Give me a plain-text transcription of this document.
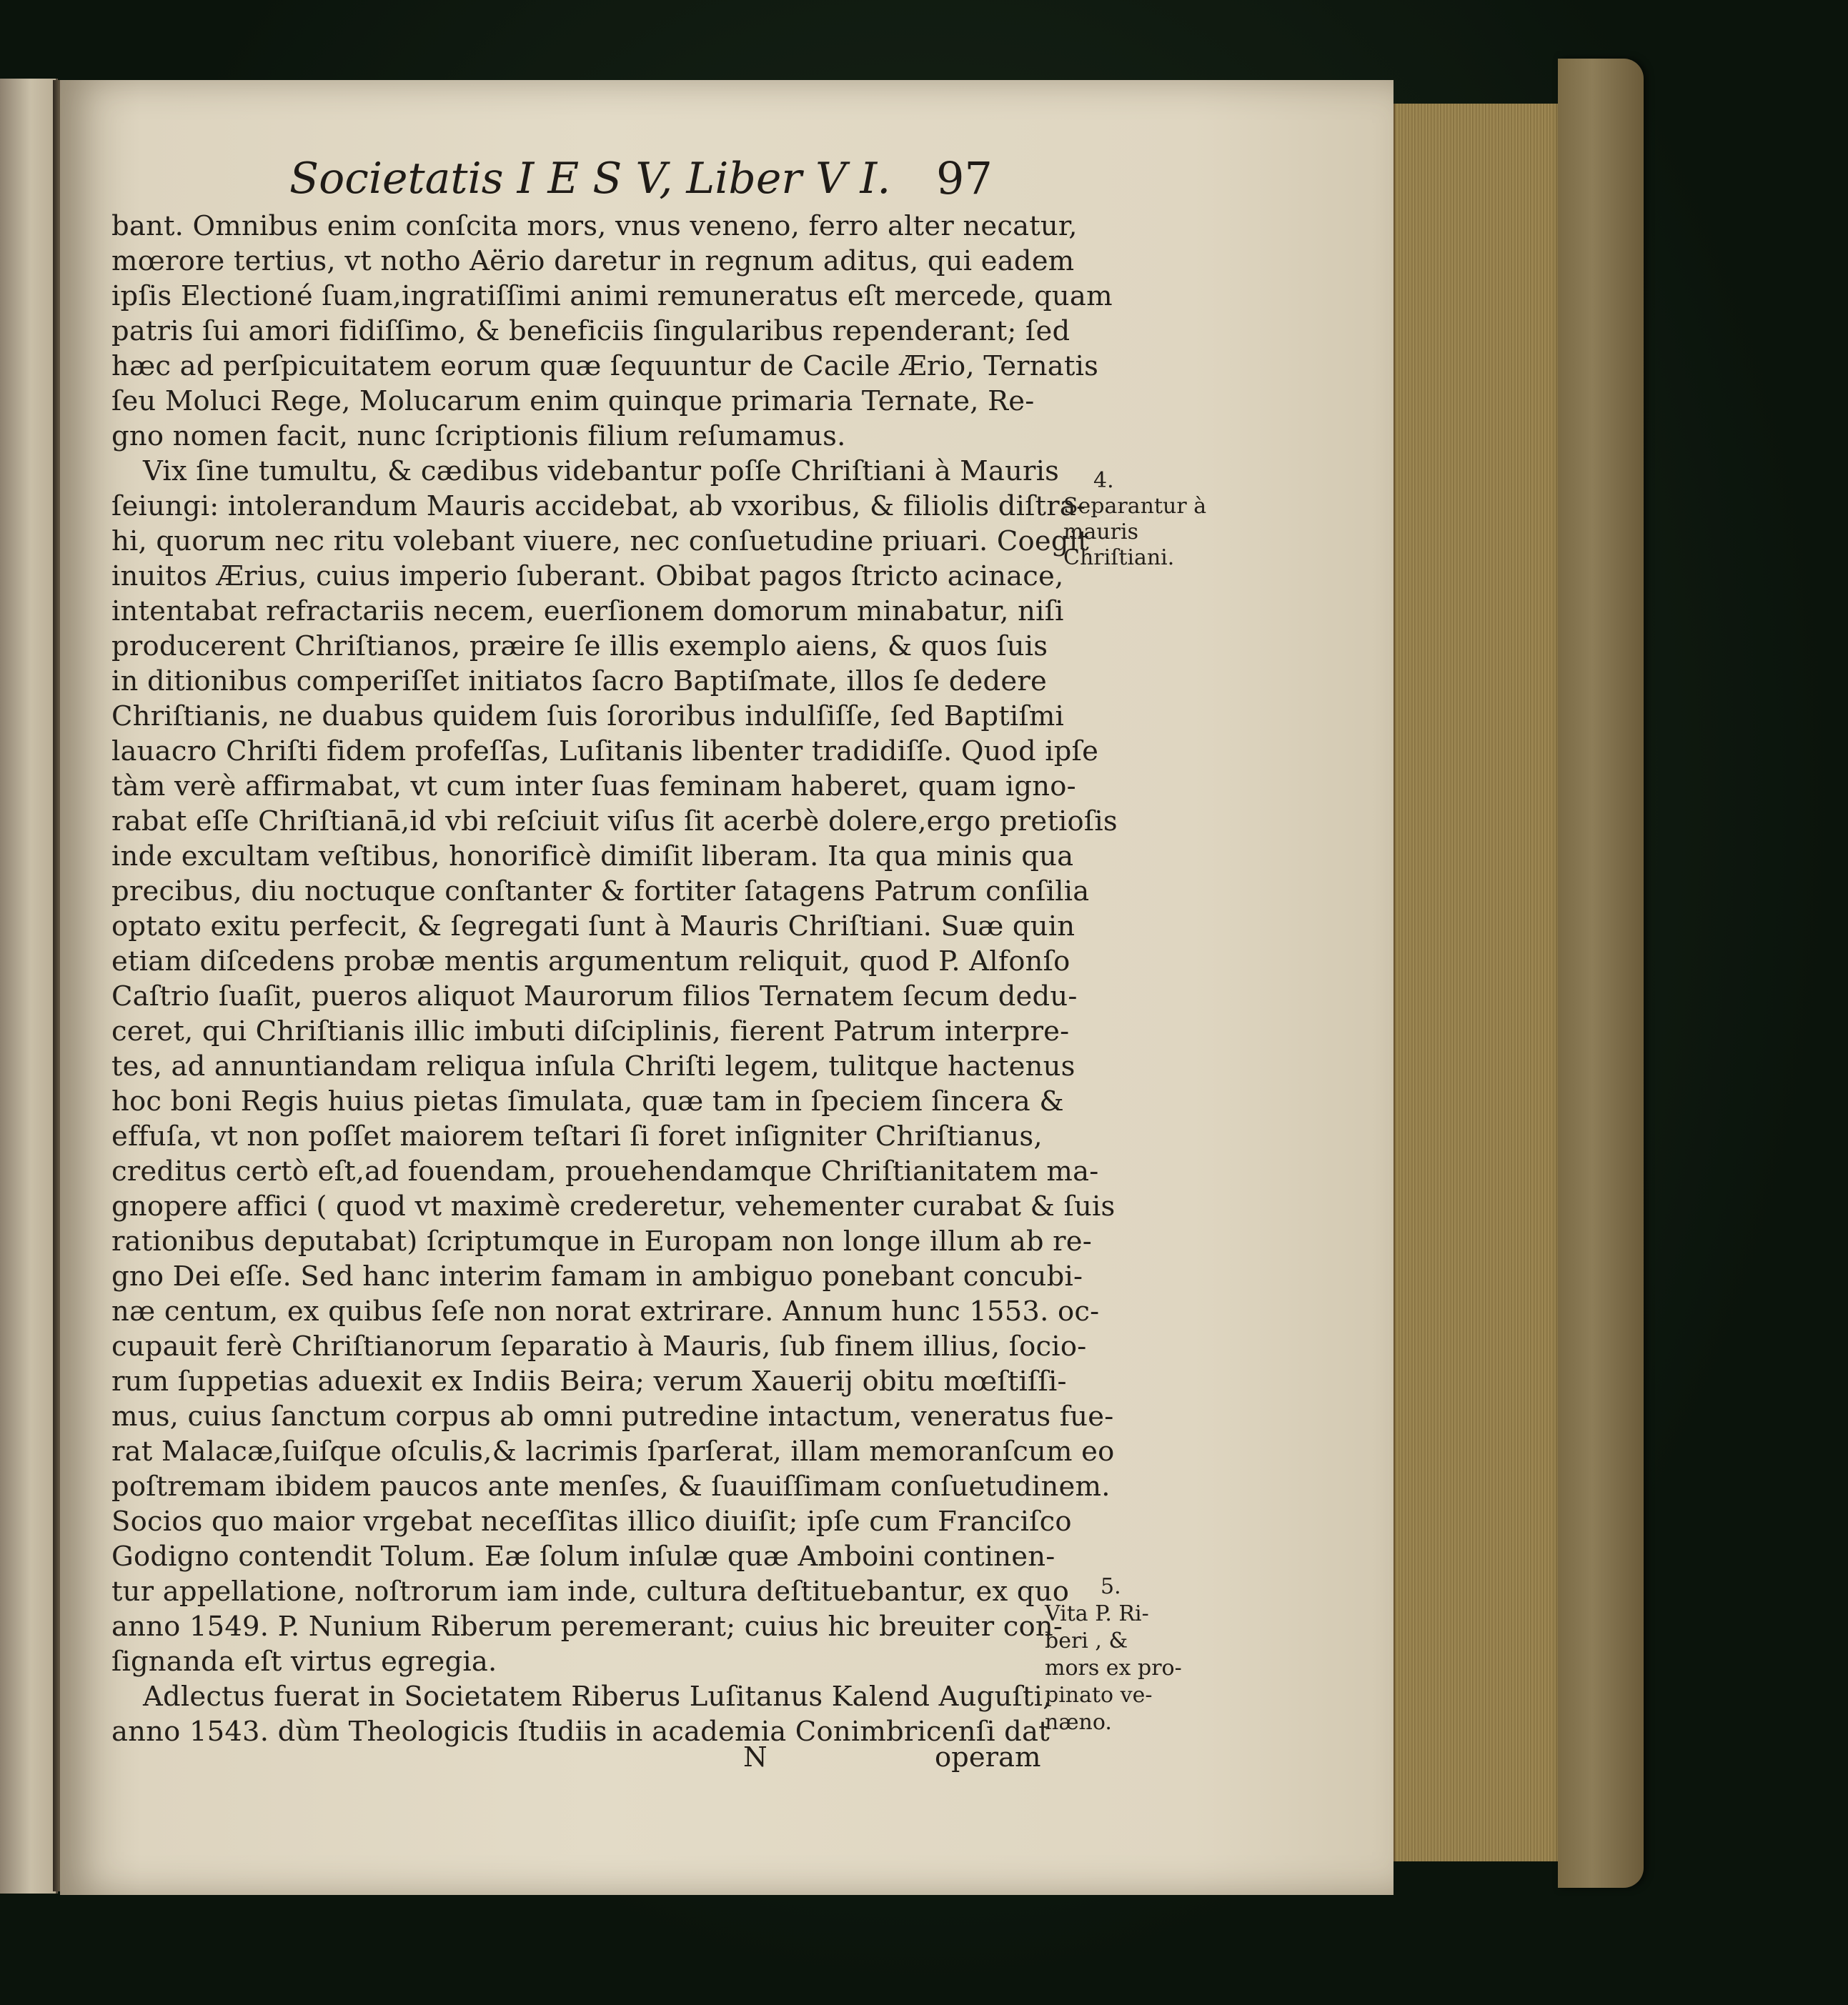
Societatis I E S V, Liber V I. 97
bant. Omnibus enim conſcita mors, vnus veneno, ferro alter necatur,
mœrore tertius, vt notho Aërio daretur in regnum aditus, qui eadem
ipſis Electioné ſuam,ingratiſſimi animi remuneratus eſt mercede, quam
patris ſui amori fidiſſimo, & beneficiis ſingularibus rependerant; ſed
hæc ad perſpicuitatem eorum quæ ſequuntur de Cacile Ærio, Ternatis
ſeu Moluci Rege, Molucarum enim quinque primaria Ternate, Re-
gno nomen facit, nunc ſcriptionis filium reſumamus.
Vix ſine tumultu, & cædibus videbantur poſſe Chriſtiani à Mauris
ſeiungi: intolerandum Mauris accidebat, ab vxoribus, & filiolis diſtra-
hi, quorum nec ritu volebant viuere, nec conſuetudine priuari. Coegit
inuitos Ærius, cuius imperio ſuberant. Obibat pagos ſtricto acinace,
intentabat refractariis necem, euerſionem domorum minabatur, niſi
producerent Chriſtianos, præire ſe illis exemplo aiens, & quos ſuis
in ditionibus comperiſſet initiatos ſacro Baptiſmate, illos ſe dedere
Chriſtianis, ne duabus quidem ſuis ſororibus indulſiſſe, ſed Baptiſmi
lauacro Chriſti fidem profeſſas, Luſitanis libenter tradidiſſe. Quod ipſe
tàm verè affirmabat, vt cum inter ſuas feminam haberet, quam igno-
rabat eſſe Chriſtianā,id vbi reſciuit viſus ſit acerbè dolere,ergo pretioſis
inde excultam veſtibus, honorificè dimiſit liberam. Ita qua minis qua
precibus, diu noctuque conſtanter & fortiter ſatagens Patrum conſilia
optato exitu perfecit, & ſegregati ſunt à Mauris Chriſtiani. Suæ quin
etiam diſcedens probæ mentis argumentum reliquit, quod P. Alfonſo
Caſtrio ſuaſit, pueros aliquot Maurorum filios Ternatem ſecum dedu-
ceret, qui Chriſtianis illic imbuti diſciplinis, fierent Patrum interpre-
tes, ad annuntiandam reliqua inſula Chriſti legem, tulitque hactenus
hoc boni Regis huius pietas ſimulata, quæ tam in ſpeciem ſincera &
effuſa, vt non poſſet maiorem teſtari ſi foret inſigniter Chriſtianus,
creditus certò eſt,ad fouendam, prouehendamque Chriſtianitatem ma-
gnopere affici ( quod vt maximè crederetur, vehementer curabat & ſuis
rationibus deputabat) ſcriptumque in Europam non longe illum ab re-
gno Dei eſſe. Sed hanc interim famam in ambiguo ponebant concubi-
næ centum, ex quibus ſeſe non norat extrirare. Annum hunc 1553. oc-
cupauit ferè Chriſtianorum ſeparatio à Mauris, ſub finem illius, ſocio-
rum ſuppetias aduexit ex Indiis Beira; verum Xauerij obitu mœſtiſſi-
mus, cuius ſanctum corpus ab omni putredine intactum, veneratus fue-
rat Malacæ,ſuiſque oſculis,& lacrimis ſparſerat, illam memoranſcum eo
poſtremam ibidem paucos ante menſes, & ſuauiſſimam conſuetudinem.
Socios quo maior vrgebat neceſſitas illico diuiſit; ipſe cum Franciſco
Godigno contendit Tolum. Eæ ſolum inſulæ quæ Amboini continen-
tur appellatione, noſtrorum iam inde, cultura deſtituebantur, ex quo
anno 1549. P. Nunium Riberum peremerant; cuius hic breuiter con-
ſignanda eſt virtus egregia.
Adlectus fuerat in Societatem Riberus Luſitanus Kalend Auguſti,
anno 1543. dùm Theologicis ſtudiis in academia Conimbricenſi dat
4.
Separantur à
mauris
Chriſtiani.
5.
Vita P. Ri-
beri , &
mors ex pro-
pinato ve-
næno.
N	operam
